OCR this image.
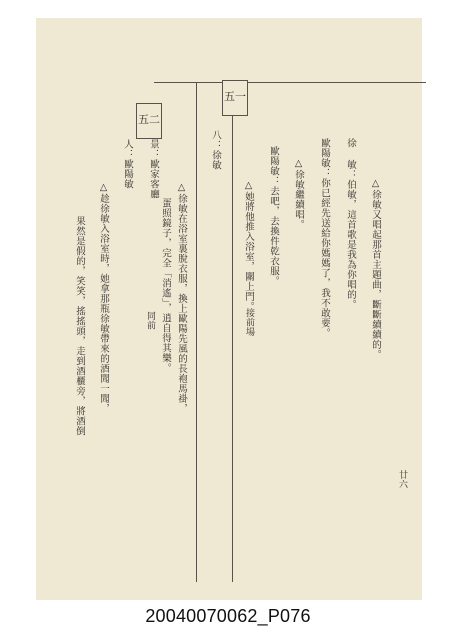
五一
五二
八：徐敏
△徐敏又唱起那首主題曲，斷斷續續的。
徐 敏：伯敏，這首歌是我為你唱的。
歐陽敏：你已經先送給你媽媽了，我不敢要。
△徐敏繼續唱。
歐陽敏：去吧，去換件乾衣服。
△她將他推入浴室，關上門。
接前場
景：歐家客廳
人：歐陽敏
△徐敏在浴室裏脫衣服，換上歐陽先風的長袍馬褂，
蛋照鏡子，完全「消遙」，逍自得其樂。
同前
△趁徐敏入浴室時，她拿那瓶徐敏帶來的酒聞一聞，
果然是假的，笑笑，搖搖頭，走到酒櫃旁，將酒倒
廿六
20040070062_P076
